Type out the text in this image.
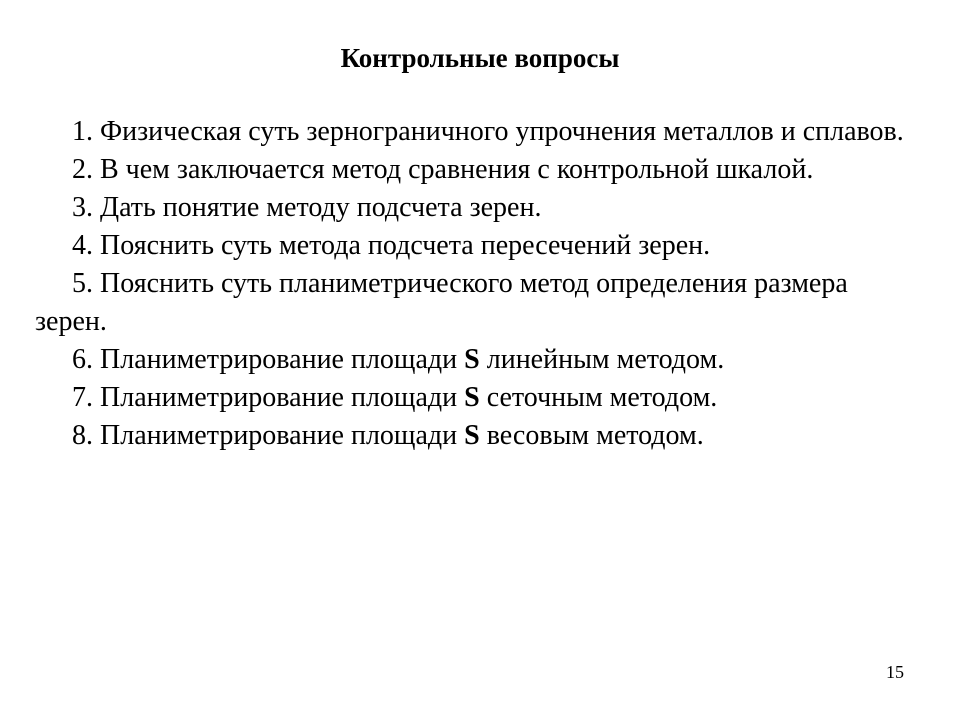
Контрольные вопросы
1. Физическая суть зернограничного упрочнения металлов и сплавов.
2. В чем заключается метод сравнения с контрольной шкалой.
3. Дать понятие методу подсчета зерен.
4. Пояснить суть метода подсчета пересечений зерен.
5. Пояснить суть планиметрического метод определения размера зерен.
6. Планиметрирование площади S линейным методом.
7. Планиметрирование площади S сеточным методом.
8. Планиметрирование площади S весовым методом.
15
